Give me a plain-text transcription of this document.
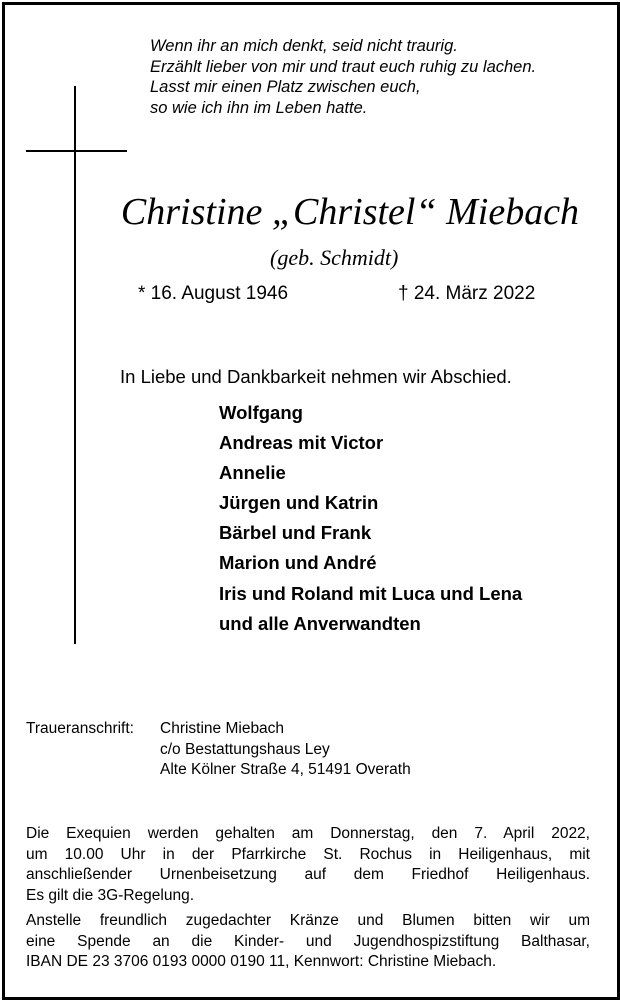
Wenn ihr an mich denkt, seid nicht traurig.
Erzählt lieber von mir und traut euch ruhig zu lachen.
Lasst mir einen Platz zwischen euch,
so wie ich ihn im Leben hatte.
Christine „Christel“ Miebach
(geb. Schmidt)
* 16. August 1946	† 24. März 2022
In Liebe und Dankbarkeit nehmen wir Abschied.
Wolfgang
Andreas mit Victor
Annelie
Jürgen und Katrin
Bärbel und Frank
Marion und André
Iris und Roland mit Luca und Lena
und alle Anverwandten
Traueranschrift: Christine Miebach
c/o Bestattungshaus Ley
Alte Kölner Straße 4, 51491 Overath
Die Exequien werden gehalten am Donnerstag, den 7. April 2022,
um 10.00 Uhr in der Pfarrkirche St. Rochus in Heiligenhaus, mit
anschließender Urnenbeisetzung auf dem Friedhof Heiligenhaus.
Es gilt die 3G-Regelung.
Anstelle freundlich zugedachter Kränze und Blumen bitten wir um
eine Spende an die Kinder- und Jugendhospizstiftung Balthasar,
IBAN DE 23 3706 0193 0000 0190 11, Kennwort: Christine Miebach.
